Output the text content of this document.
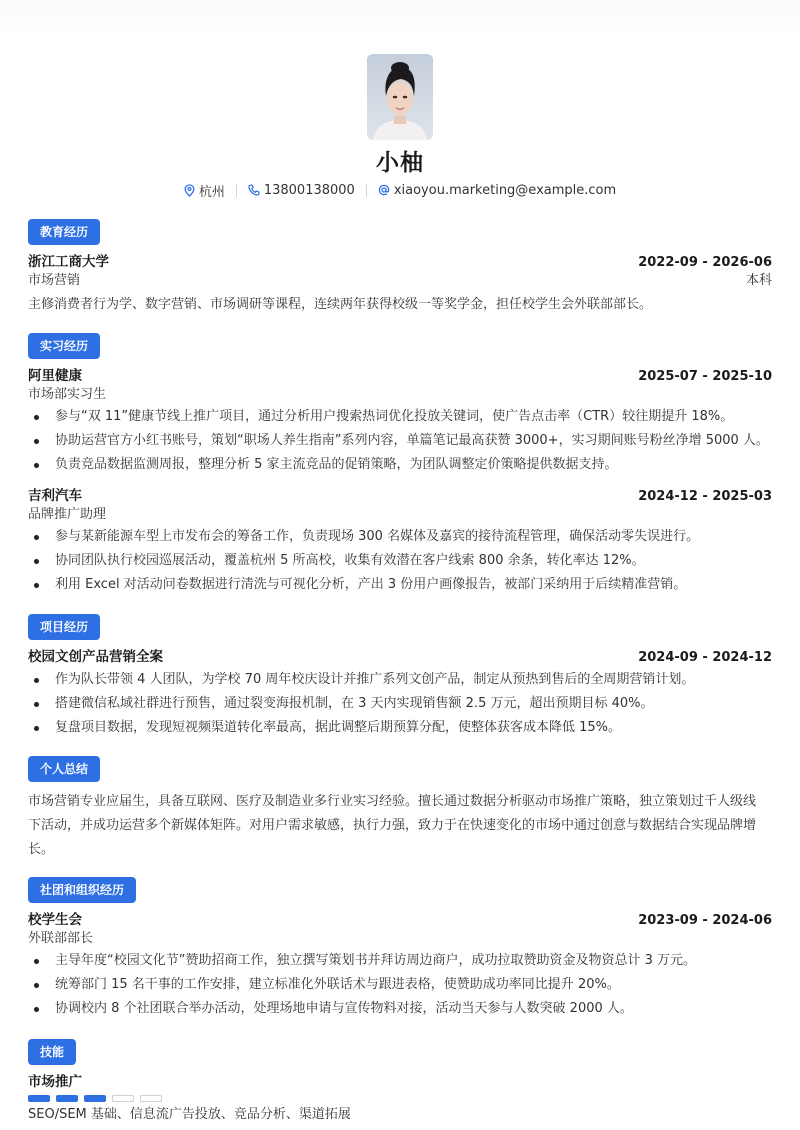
小柚
杭州	13800138000	xiaoyou.marketing@example.com
教育经历
浙江工商大学	2022-09 - 2026-06
市场营销	本科
主修消费者行为学、数字营销、市场调研等课程，连续两年获得校级一等奖学金，担任校学生会外联部部长。
实习经历
阿里健康	2025-07 - 2025-10
市场部实习生
参与“双 11”健康节线上推广项目，通过分析用户搜索热词优化投放关键词，使广告点击率（CTR）较往期提升 18%。
协助运营官方小红书账号，策划“职场人养生指南”系列内容，单篇笔记最高获赞 3000+，实习期间账号粉丝净增 5000 人。
负责竞品数据监测周报，整理分析 5 家主流竞品的促销策略，为团队调整定价策略提供数据支持。
吉利汽车	2024-12 - 2025-03
品牌推广助理
参与某新能源车型上市发布会的筹备工作，负责现场 300 名媒体及嘉宾的接待流程管理，确保活动零失误进行。
协同团队执行校园巡展活动，覆盖杭州 5 所高校，收集有效潜在客户线索 800 余条，转化率达 12%。
利用 Excel 对活动问卷数据进行清洗与可视化分析，产出 3 份用户画像报告，被部门采纳用于后续精准营销。
项目经历
校园文创产品营销全案	2024-09 - 2024-12
作为队长带领 4 人团队，为学校 70 周年校庆设计并推广系列文创产品，制定从预热到售后的全周期营销计划。
搭建微信私域社群进行预售，通过裂变海报机制，在 3 天内实现销售额 2.5 万元，超出预期目标 40%。
复盘项目数据，发现短视频渠道转化率最高，据此调整后期预算分配，使整体获客成本降低 15%。
个人总结
市场营销专业应届生，具备互联网、医疗及制造业多行业实习经验。擅长通过数据分析驱动市场推广策略，独立策划过千人级线
下活动，并成功运营多个新媒体矩阵。对用户需求敏感，执行力强，致力于在快速变化的市场中通过创意与数据结合实现品牌增
长。
社团和组织经历
校学生会	2023-09 - 2024-06
外联部部长
主导年度“校园文化节”赞助招商工作，独立撰写策划书并拜访周边商户，成功拉取赞助资金及物资总计 3 万元。
统筹部门 15 名干事的工作安排，建立标准化外联话术与跟进表格，使赞助成功率同比提升 20%。
协调校内 8 个社团联合举办活动，处理场地申请与宣传物料对接，活动当天参与人数突破 2000 人。
技能
市场推广
SEO/SEM 基础、信息流广告投放、竞品分析、渠道拓展
